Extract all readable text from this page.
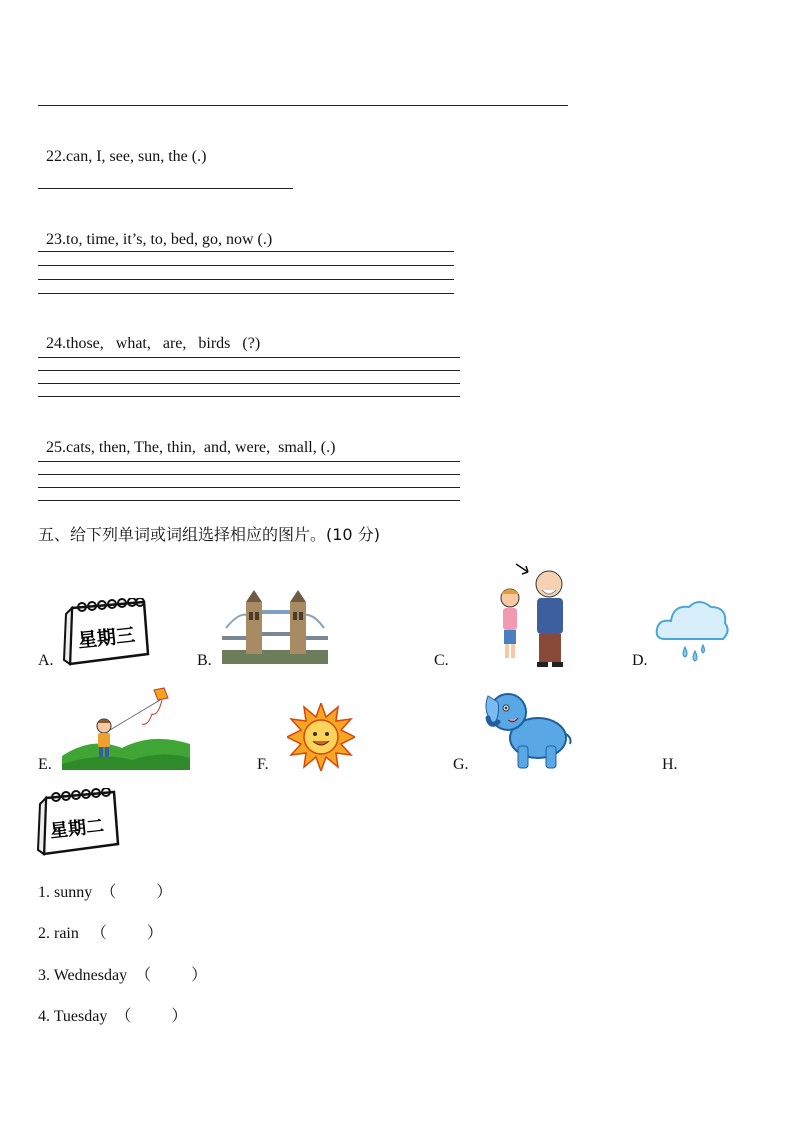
22.can, I, see, sun, the (.)

23.to, time, it’s, to, bed, go, now (.)

24.those,   what,   are,   birds   (?)

25.cats, then, The, thin,  and, were,  small, (.)

五、给下列单词或词组选择相应的图片。(10 分)
A.
星期三
B.	C.	D.
E.	F.	G.	H.
星期二
1. sunny  （          ）
2. rain   （          ）
3. Wednesday  （          ）
4. Tuesday  （          ）
